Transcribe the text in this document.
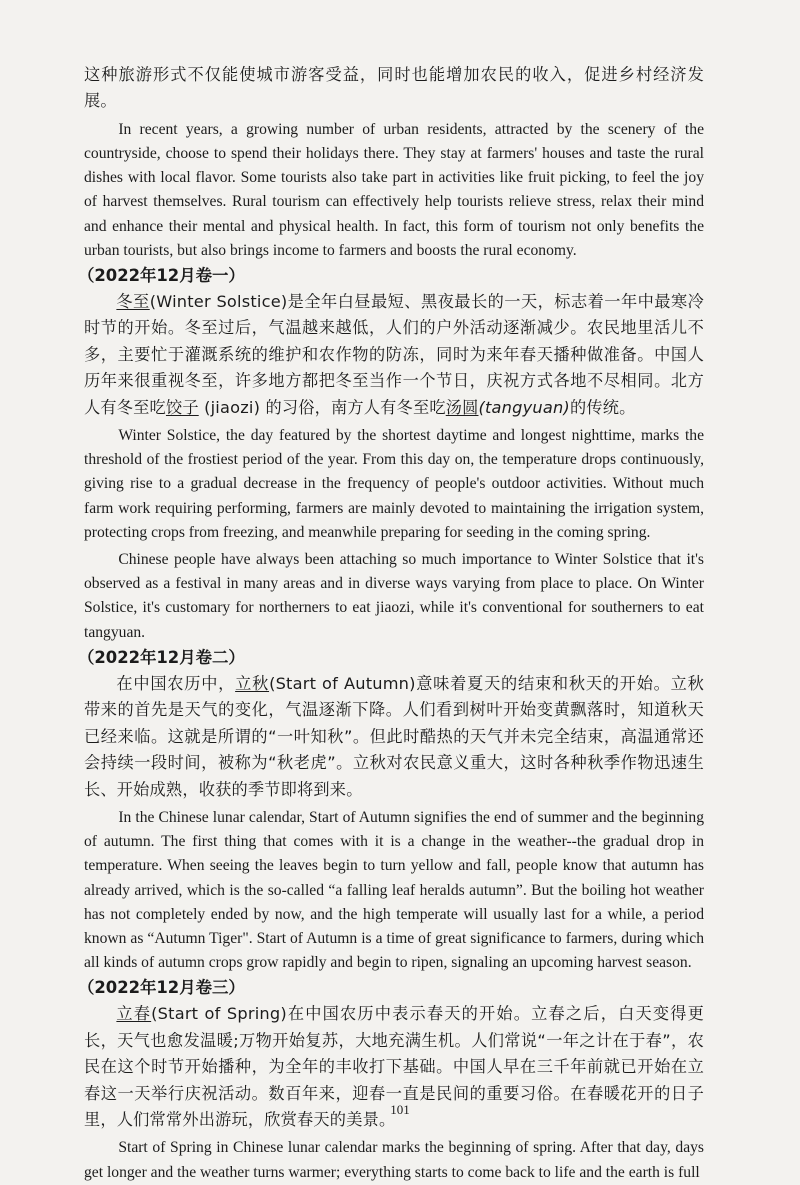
这种旅游形式不仅能使城市游客受益，同时也能增加农民的收入，促进乡村经济发展。

In recent years, a growing number of urban residents, attracted by the scenery of the countryside, choose to spend their holidays there. They stay at farmers' houses and taste the rural dishes with local flavor. Some tourists also take part in activities like fruit picking, to feel the joy of harvest themselves. Rural tourism can effectively help tourists relieve stress, relax their mind and enhance their mental and physical health. In fact, this form of tourism not only benefits the urban tourists, but also brings income to farmers and boosts the rural economy.

（2022年12月卷一）

冬至(Winter Solstice)是全年白昼最短、黑夜最长的一天，标志着一年中最寒冷时节的开始。冬至过后，气温越来越低，人们的户外活动逐渐减少。农民地里活儿不多，主要忙于灌溉系统的维护和农作物的防冻，同时为来年春天播种做准备。中国人历年来很重视冬至，许多地方都把冬至当作一个节日，庆祝方式各地不尽相同。北方人有冬至吃饺子 (jiaozi) 的习俗，南方人有冬至吃汤圆(tangyuan)的传统。

Winter Solstice, the day featured by the shortest daytime and longest nighttime, marks the threshold of the frostiest period of the year. From this day on, the temperature drops continuously, giving rise to a gradual decrease in the frequency of people's outdoor activities. Without much farm work requiring performing, farmers are mainly devoted to maintaining the irrigation system, protecting crops from freezing, and meanwhile preparing for seeding in the coming spring.

Chinese people have always been attaching so much importance to Winter Solstice that it's observed as a festival in many areas and in diverse ways varying from place to place. On Winter Solstice, it's customary for northerners to eat jiaozi, while it's conventional for southerners to eat tangyuan.

（2022年12月卷二）

在中国农历中，立秋(Start of Autumn)意味着夏天的结束和秋天的开始。立秋带来的首先是天气的变化，气温逐渐下降。人们看到树叶开始变黄飘落时，知道秋天已经来临。这就是所谓的“一叶知秋”。但此时酷热的天气并未完全结束，高温通常还会持续一段时间，被称为“秋老虎”。立秋对农民意义重大，这时各种秋季作物迅速生长、开始成熟，收获的季节即将到来。

In the Chinese lunar calendar, Start of Autumn signifies the end of summer and the beginning of autumn. The first thing that comes with it is a change in the weather--the gradual drop in temperature. When seeing the leaves begin to turn yellow and fall, people know that autumn has already arrived, which is the so-called “a falling leaf heralds autumn”. But the boiling hot weather has not completely ended by now, and the high temperate will usually last for a while, a period known as “Autumn Tiger". Start of Autumn is a time of great significance to farmers, during which all kinds of autumn crops grow rapidly and begin to ripen, signaling an upcoming harvest season.

（2022年12月卷三）

立春(Start of Spring)在中国农历中表示春天的开始。立春之后，白天变得更长，天气也愈发温暖;万物开始复苏，大地充满生机。人们常说“一年之计在于春”，农民在这个时节开始播种，为全年的丰收打下基础。中国人早在三千年前就已开始在立春这一天举行庆祝活动。数百年来，迎春一直是民间的重要习俗。在春暖花开的日子里，人们常常外出游玩，欣赏春天的美景。

Start of Spring in Chinese lunar calendar marks the beginning of spring. After that day, days get longer and the weather turns warmer; everything starts to come back to life and the earth is full

101
